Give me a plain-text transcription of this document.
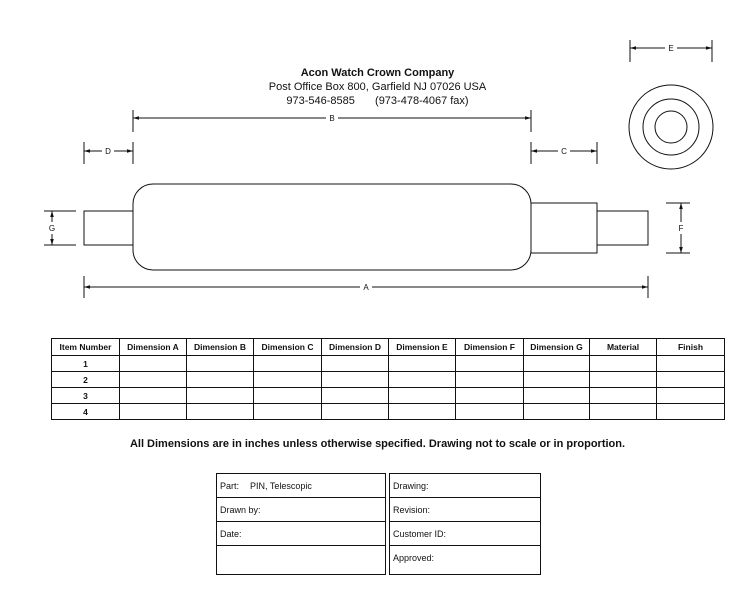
Acon Watch Crown Company
Post Office Box 800, Garfield NJ 07026 USA
973-546-8585 (973-478-4067 fax)
E
B
D	C
G	F
A
Item Number	Dimension A	Dimension B	Dimension C	Dimension D	Dimension E	Dimension F	Dimension G	Material	Finish
1									
2									
3									
4									
All Dimensions are in inches unless otherwise specified. Drawing not to scale or in proportion.
Part: PIN, Telescopic
Drawn by:
Date:
Drawing:
Revision:
Customer ID:
Approved:
